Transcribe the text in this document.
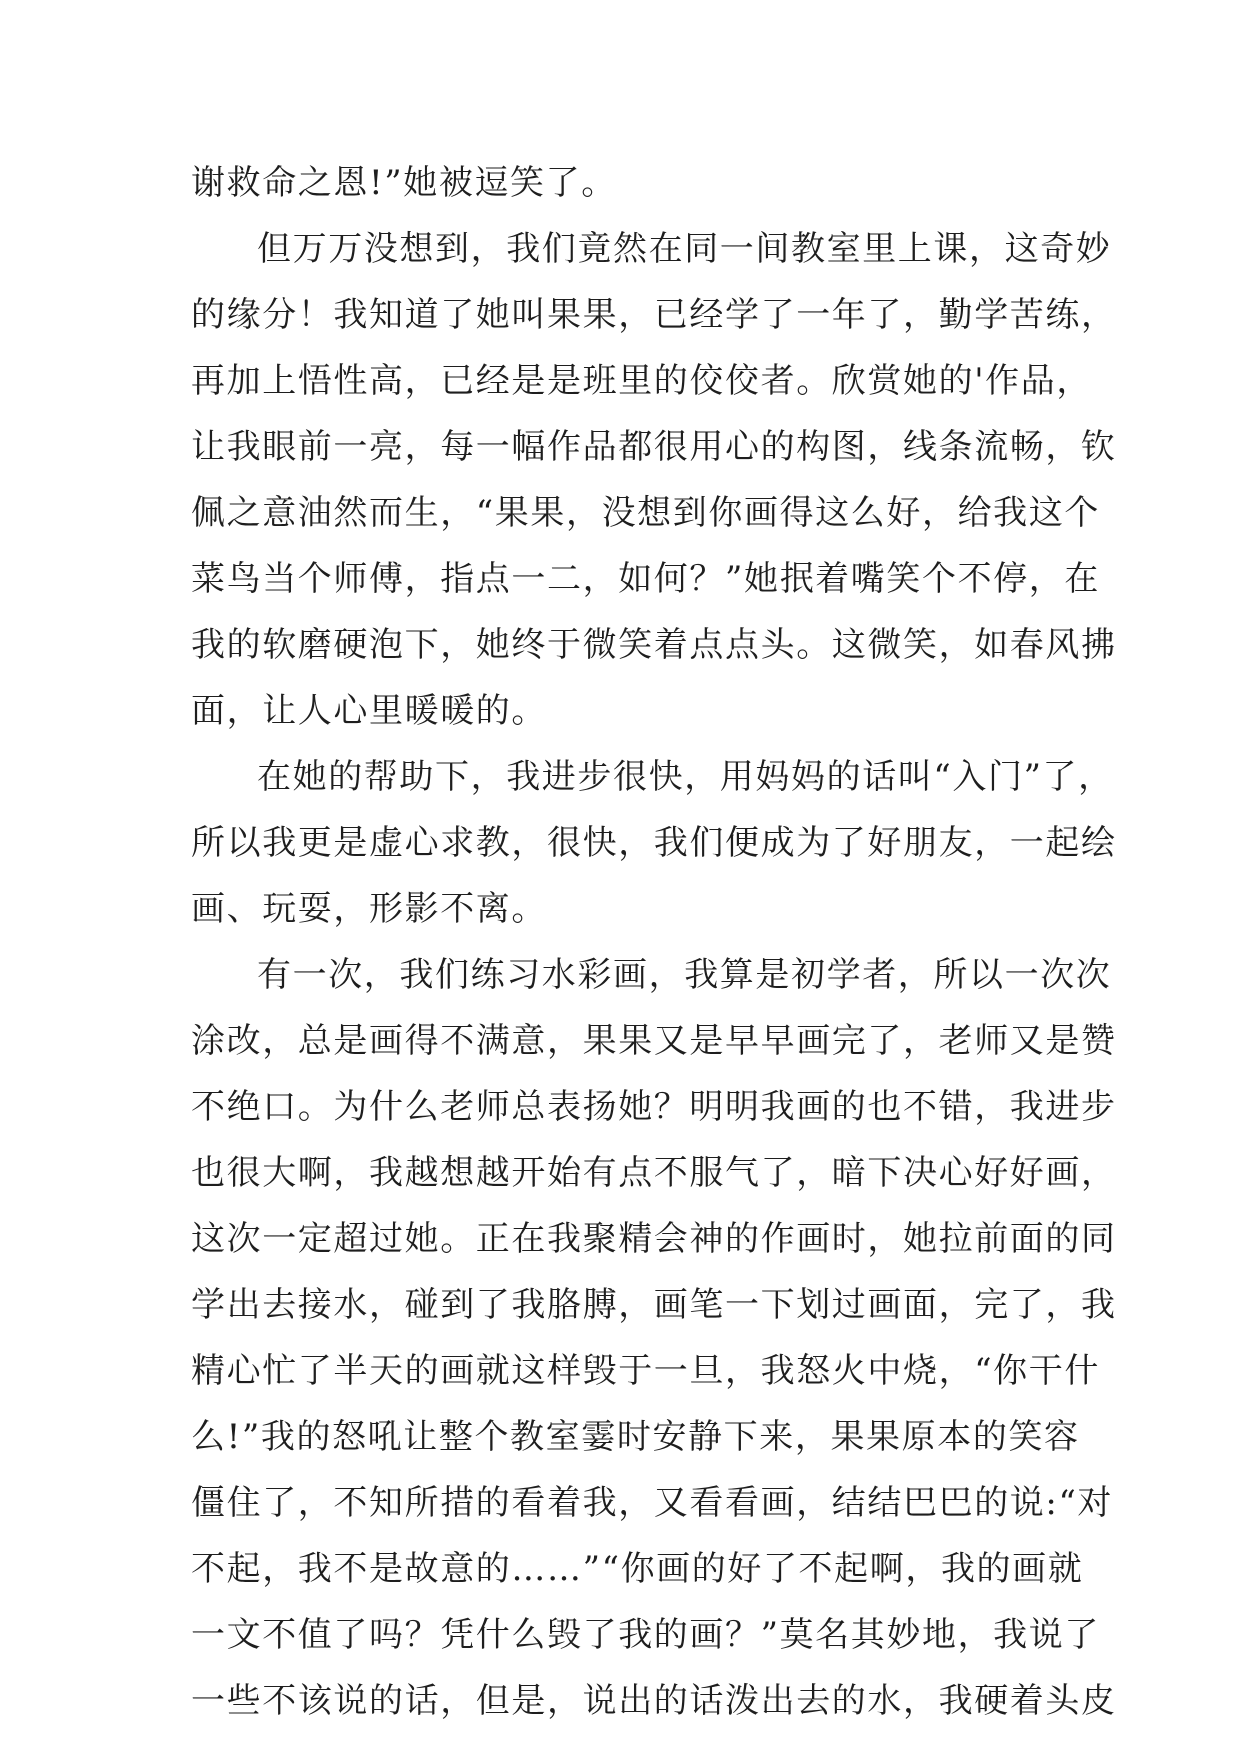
谢救命之恩!”她被逗笑了。
但万万没想到，我们竟然在同一间教室里上课，这奇妙
的缘分！我知道了她叫果果，已经学了一年了，勤学苦练，
再加上悟性高，已经是是班里的佼佼者。欣赏她的'作品，
让我眼前一亮，每一幅作品都很用心的构图，线条流畅，钦
佩之意油然而生，“果果，没想到你画得这么好，给我这个
菜鸟当个师傅，指点一二，如何？”她抿着嘴笑个不停，在
我的软磨硬泡下，她终于微笑着点点头。这微笑，如春风拂
面，让人心里暖暖的。
在她的帮助下，我进步很快，用妈妈的话叫“入门”了，
所以我更是虚心求教，很快，我们便成为了好朋友，一起绘
画、玩耍，形影不离。
有一次，我们练习水彩画，我算是初学者，所以一次次
涂改，总是画得不满意，果果又是早早画完了，老师又是赞
不绝口。为什么老师总表扬她？明明我画的也不错，我进步
也很大啊，我越想越开始有点不服气了，暗下决心好好画，
这次一定超过她。正在我聚精会神的作画时，她拉前面的同
学出去接水，碰到了我胳膊，画笔一下划过画面，完了，我
精心忙了半天的画就这样毁于一旦，我怒火中烧，“你干什
么!”我的怒吼让整个教室霎时安静下来，果果原本的笑容
僵住了，不知所措的看着我，又看看画，结结巴巴的说:“对
不起，我不是故意的……”“你画的好了不起啊，我的画就
一文不值了吗？凭什么毁了我的画？”莫名其妙地，我说了
一些不该说的话，但是，说出的话泼出去的水，我硬着头皮
